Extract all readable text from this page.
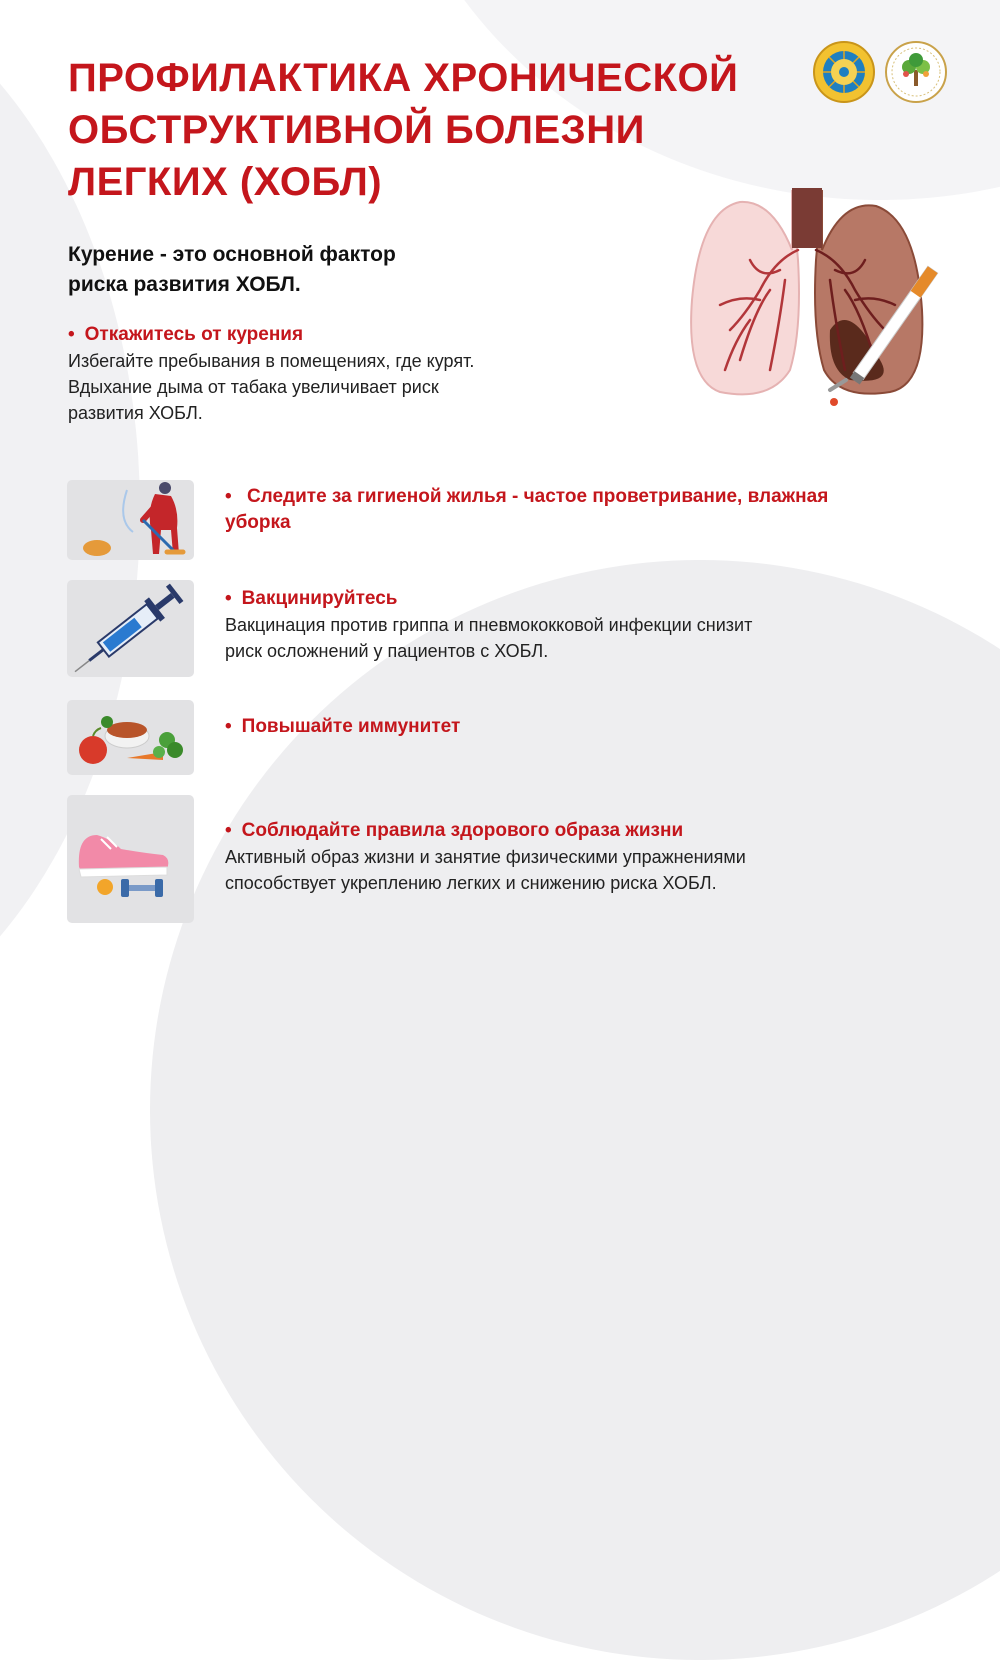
ПРОФИЛАКТИКА ХРОНИЧЕСКОЙ
ОБСТРУКТИВНОЙ БОЛЕЗНИ
ЛЕГКИХ (ХОБЛ)
Курение - это основной фактор
риска развития ХОБЛ.
• Откажитесь от курения
Избегайте пребывания в помещениях, где курят.
Вдыхание дыма от табака увеличивает риск
развития ХОБЛ.
• Следите за гигиеной жилья - частое проветривание, влажная
уборка
• Вакцинируйтесь
Вакцинация против гриппа и пневмококковой инфекции снизит
риск осложнений у пациентов с ХОБЛ.
• Повышайте иммунитет
• Соблюдайте правила здорового образа жизни
Активный образ жизни и занятие физическими упражнениями
способствует укреплению легких и снижению риска ХОБЛ.
